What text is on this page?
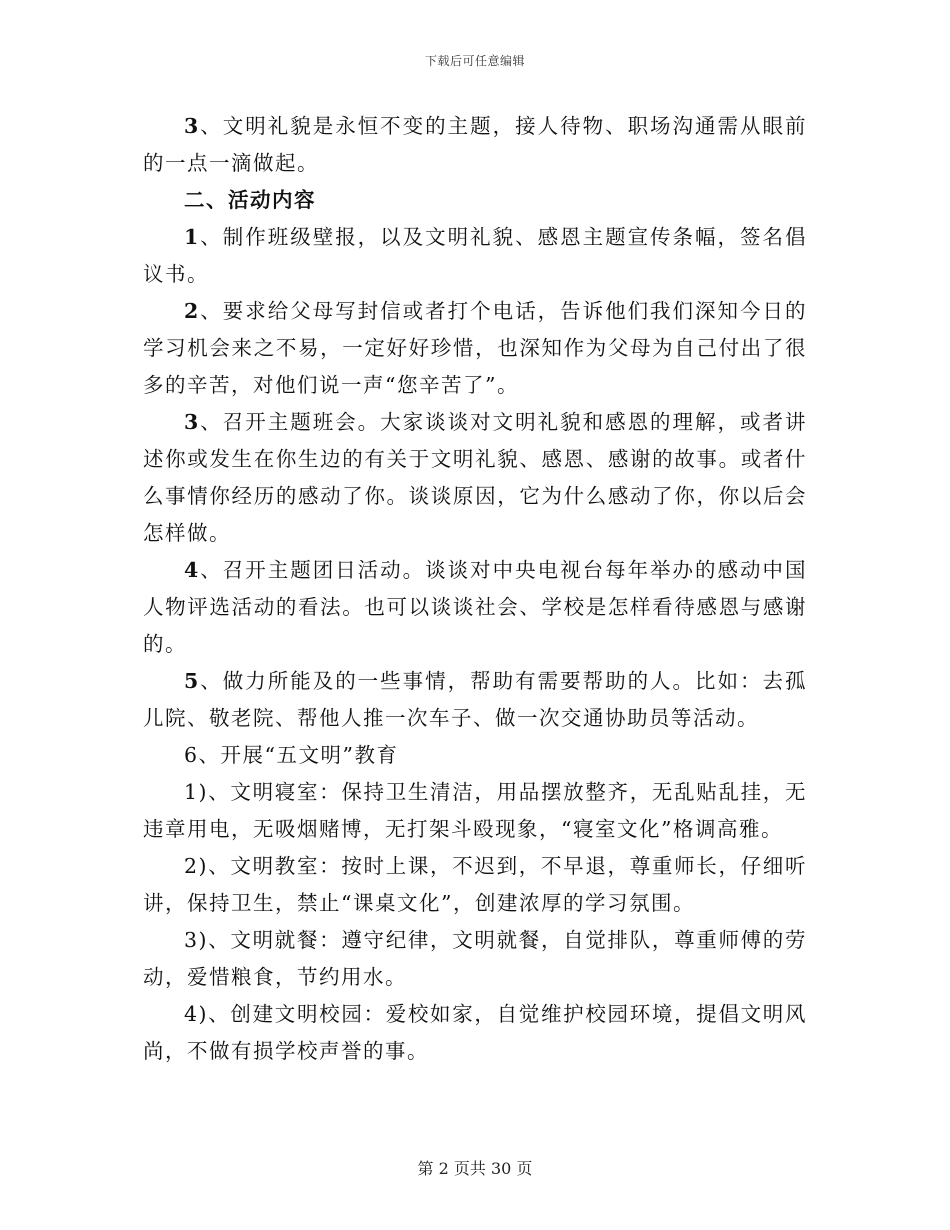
下载后可任意编辑

3、文明礼貌是永恒不变的主题，接人待物、职场沟通需从眼前的一点一滴做起。

二、活动内容

1、制作班级壁报，以及文明礼貌、感恩主题宣传条幅，签名倡议书。

2、要求给父母写封信或者打个电话，告诉他们我们深知今日的学习机会来之不易，一定好好珍惜，也深知作为父母为自己付出了很多的辛苦，对他们说一声“您辛苦了”。

3、召开主题班会。大家谈谈对文明礼貌和感恩的理解，或者讲述你或发生在你生边的有关于文明礼貌、感恩、感谢的故事。或者什么事情你经历的感动了你。谈谈原因，它为什么感动了你，你以后会怎样做。

4、召开主题团日活动。谈谈对中央电视台每年举办的感动中国人物评选活动的看法。也可以谈谈社会、学校是怎样看待感恩与感谢的。

5、做力所能及的一些事情，帮助有需要帮助的人。比如：去孤儿院、敬老院、帮他人推一次车子、做一次交通协助员等活动。

6、开展“五文明”教育

1)、文明寝室：保持卫生清洁，用品摆放整齐，无乱贴乱挂，无违章用电，无吸烟赌博，无打架斗殴现象，“寝室文化”格调高雅。

2)、文明教室：按时上课，不迟到，不早退，尊重师长，仔细听讲，保持卫生，禁止“课桌文化”，创建浓厚的学习氛围。

3)、文明就餐：遵守纪律，文明就餐，自觉排队，尊重师傅的劳动，爱惜粮食，节约用水。

4)、创建文明校园：爱校如家，自觉维护校园环境，提倡文明风尚，不做有损学校声誉的事。

第 2 页共 30 页
